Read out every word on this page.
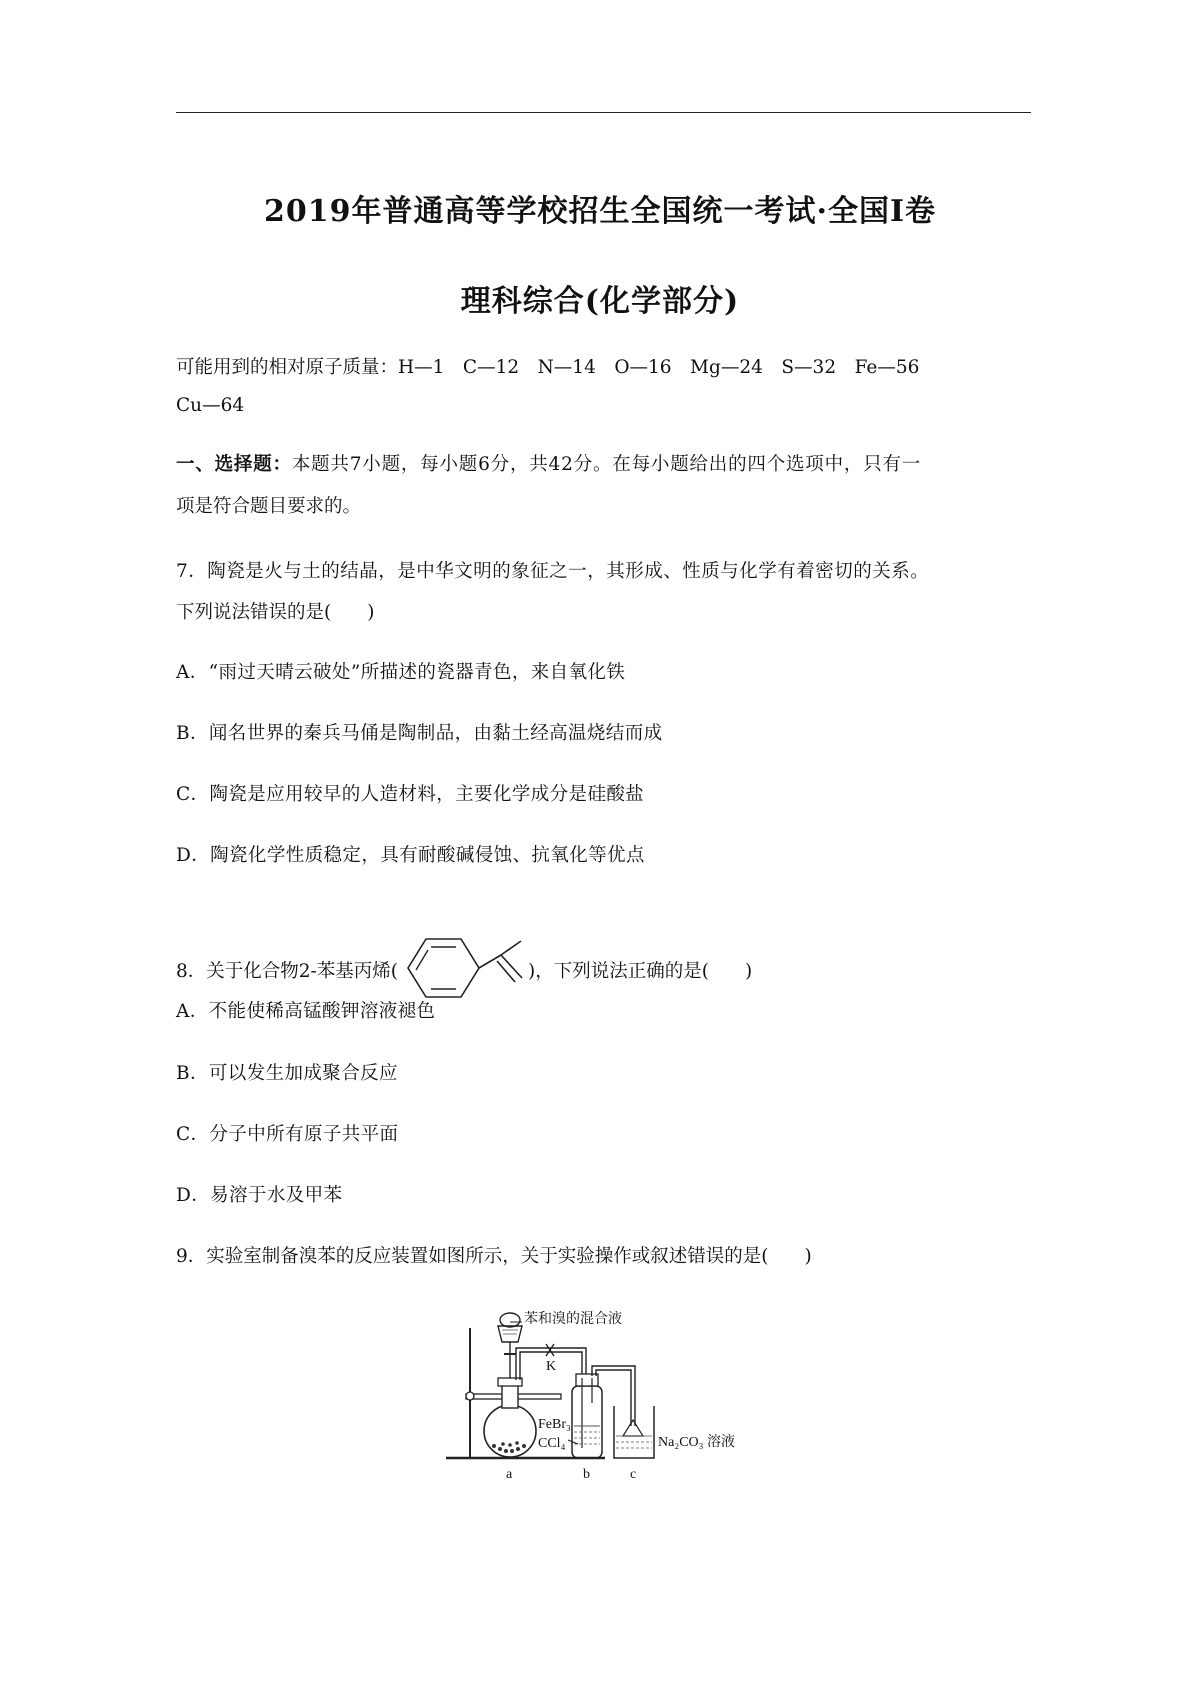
2019年普通高等学校招生全国统一考试·全国Ⅰ卷
理科综合(化学部分)
可能用到的相对原子质量：H—1　C—12　N—14　O—16　Mg—24　S—32　Fe—56
Cu—64
一、选择题：本题共7小题，每小题6分，共42分。在每小题给出的四个选项中，只有一
项是符合题目要求的。
7．陶瓷是火与土的结晶，是中华文明的象征之一，其形成、性质与化学有着密切的关系。
下列说法错误的是( )
A．“雨过天晴云破处”所描述的瓷器青色，来自氧化铁
B．闻名世界的秦兵马俑是陶制品，由黏土经高温烧结而成
C．陶瓷是应用较早的人造材料，主要化学成分是硅酸盐
D．陶瓷化学性质稳定，具有耐酸碱侵蚀、抗氧化等优点
8．关于化合物2-苯基丙烯(	)，下列说法正确的是( )
A．不能使稀高锰酸钾溶液褪色
B．可以发生加成聚合反应
C．分子中所有原子共平面
D．易溶于水及甲苯
9．实验室制备溴苯的反应装置如图所示，关于实验操作或叙述错误的是( )
苯和溴的混合液
K
FeBr₃
CCl₄	Na₂CO₃ 溶液
a	b	c
